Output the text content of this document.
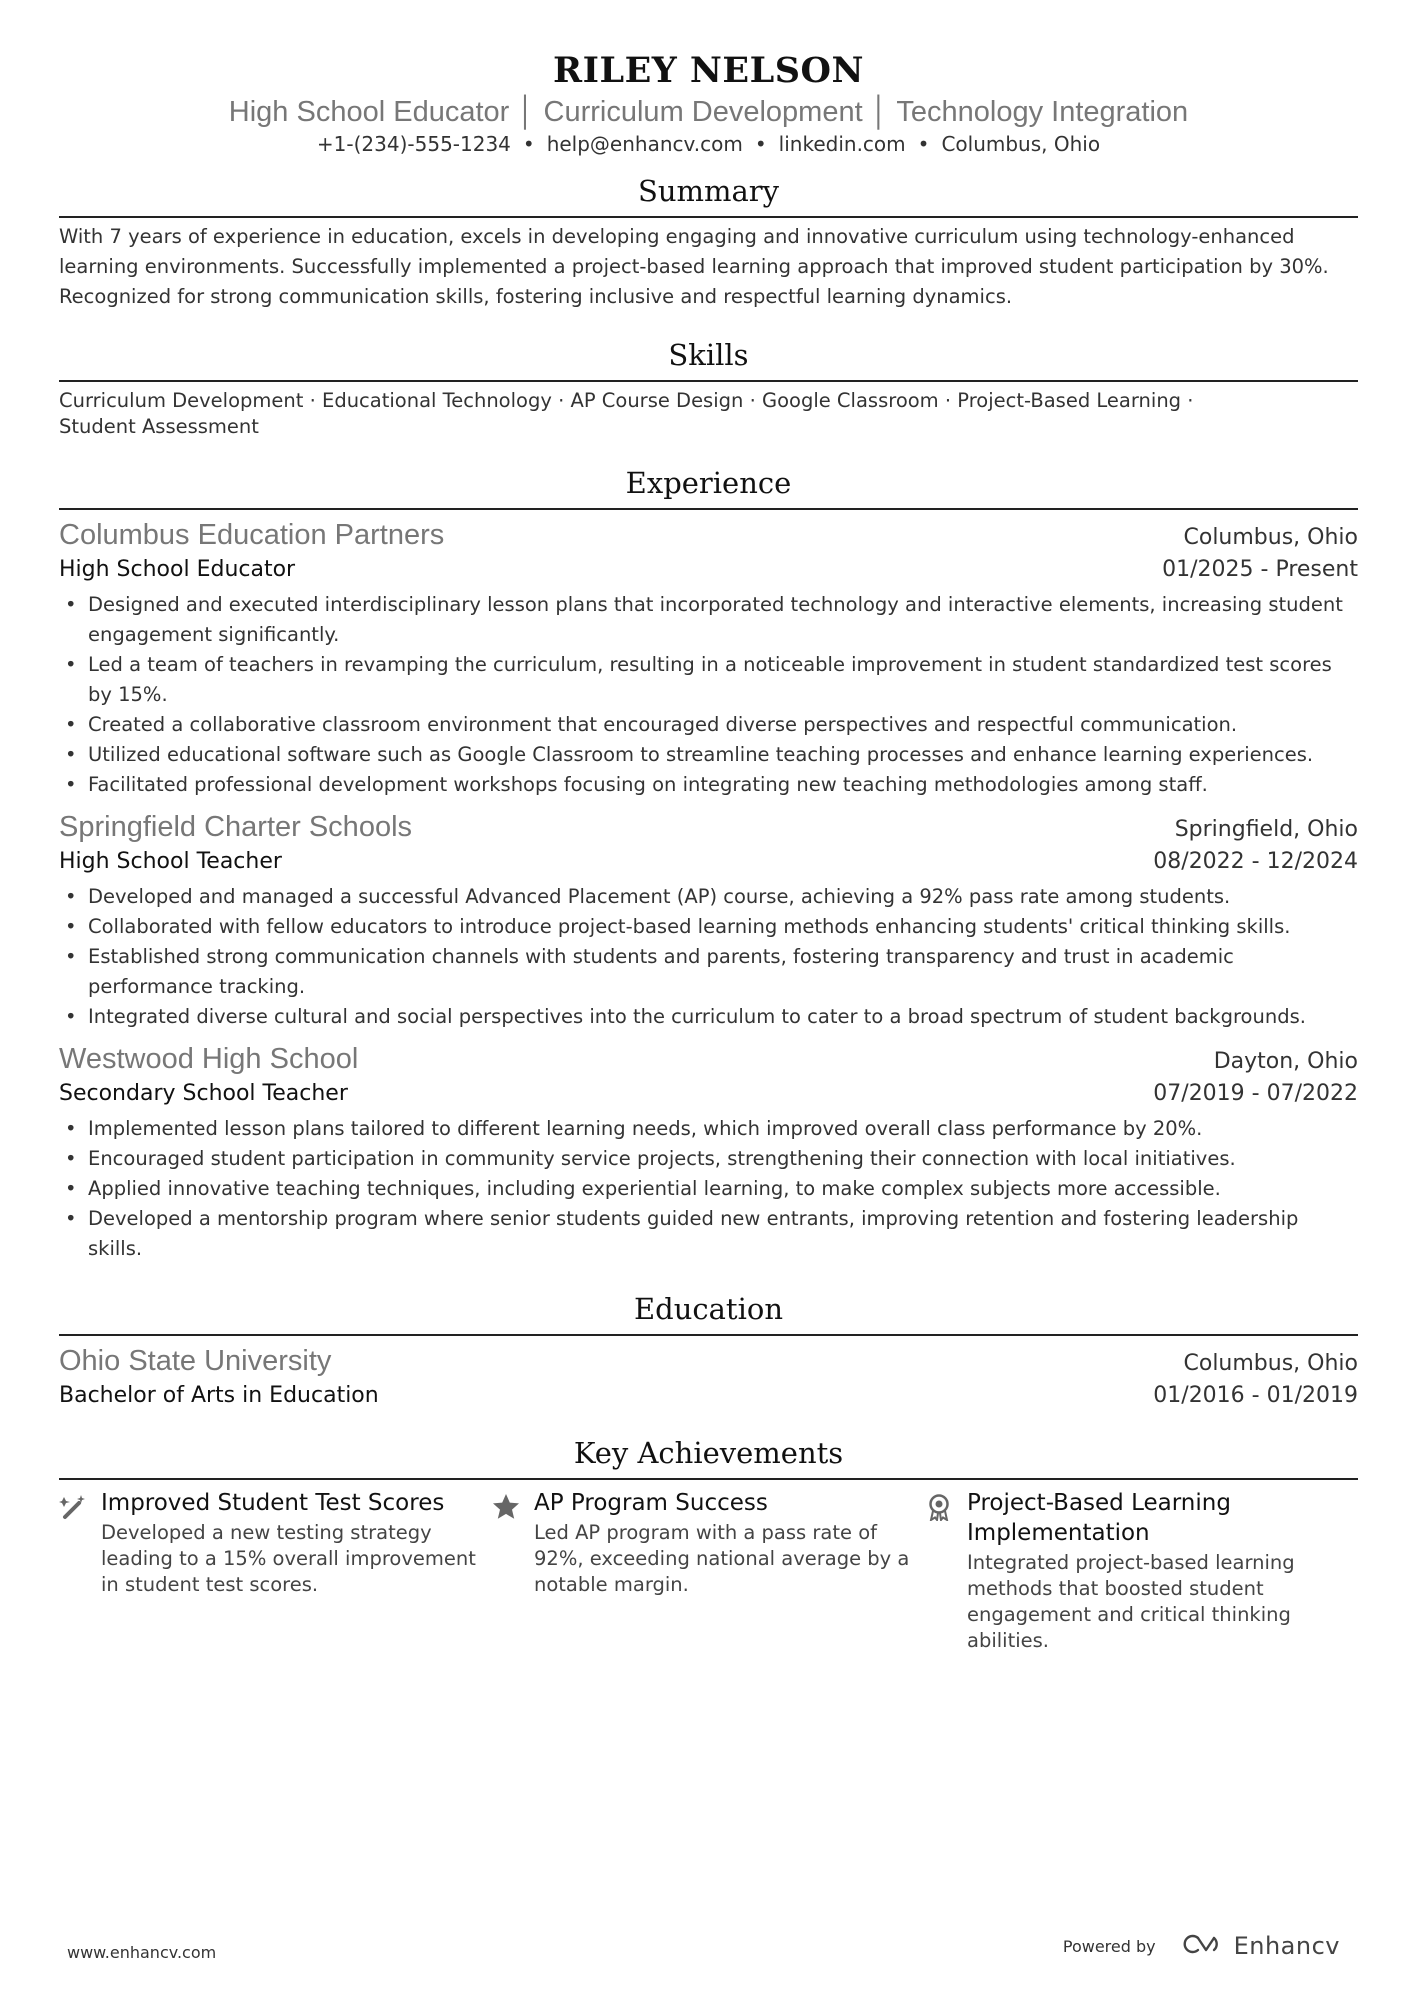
RILEY NELSON
High School Educator │ Curriculum Development │ Technology Integration
+1-(234)-555-1234 • help@enhancv.com • linkedin.com • Columbus, Ohio
Summary
With 7 years of experience in education, excels in developing engaging and innovative curriculum using technology-enhanced learning environments. Successfully implemented a project-based learning approach that improved student participation by 30%. Recognized for strong communication skills, fostering inclusive and respectful learning dynamics.
Skills
Curriculum Development · Educational Technology · AP Course Design · Google Classroom · Project-Based Learning ·
Student Assessment
Experience
Columbus Education Partners	Columbus, Ohio
High School Educator	01/2025 - Present
• Designed and executed interdisciplinary lesson plans that incorporated technology and interactive elements, increasing student engagement significantly.
• Led a team of teachers in revamping the curriculum, resulting in a noticeable improvement in student standardized test scores by 15%.
• Created a collaborative classroom environment that encouraged diverse perspectives and respectful communication.
• Utilized educational software such as Google Classroom to streamline teaching processes and enhance learning experiences.
• Facilitated professional development workshops focusing on integrating new teaching methodologies among staff.
Springfield Charter Schools	Springfield, Ohio
High School Teacher	08/2022 - 12/2024
• Developed and managed a successful Advanced Placement (AP) course, achieving a 92% pass rate among students.
• Collaborated with fellow educators to introduce project-based learning methods enhancing students' critical thinking skills.
• Established strong communication channels with students and parents, fostering transparency and trust in academic performance tracking.
• Integrated diverse cultural and social perspectives into the curriculum to cater to a broad spectrum of student backgrounds.
Westwood High School	Dayton, Ohio
Secondary School Teacher	07/2019 - 07/2022
• Implemented lesson plans tailored to different learning needs, which improved overall class performance by 20%.
• Encouraged student participation in community service projects, strengthening their connection with local initiatives.
• Applied innovative teaching techniques, including experiential learning, to make complex subjects more accessible.
• Developed a mentorship program where senior students guided new entrants, improving retention and fostering leadership skills.
Education
Ohio State University	Columbus, Ohio
Bachelor of Arts in Education	01/2016 - 01/2019
Key Achievements
Improved Student Test Scores
Developed a new testing strategy leading to a 15% overall improvement in student test scores.
AP Program Success
Led AP program with a pass rate of 92%, exceeding national average by a notable margin.
Project-Based Learning Implementation
Integrated project-based learning methods that boosted student engagement and critical thinking abilities.
www.enhancv.com	Powered by	Enhancv
